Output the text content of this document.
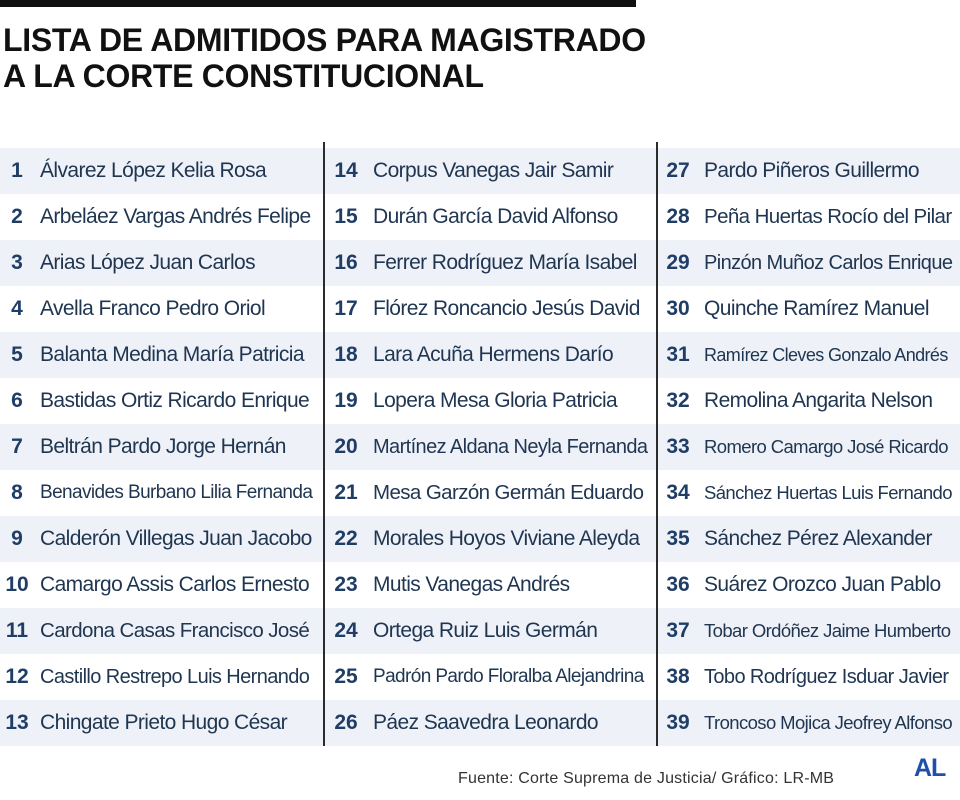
LISTA DE ADMITIDOS PARA MAGISTRADO
A LA CORTE CONSTITUCIONAL
1 Álvarez López Kelia Rosa
2 Arbeláez Vargas Andrés Felipe
3 Arias López Juan Carlos
4 Avella Franco Pedro Oriol
5 Balanta Medina María Patricia
6 Bastidas Ortiz Ricardo Enrique
7 Beltrán Pardo Jorge Hernán
8 Benavides Burbano Lilia Fernanda
9 Calderón Villegas Juan Jacobo
10 Camargo Assis Carlos Ernesto
11 Cardona Casas Francisco José
12 Castillo Restrepo Luis Hernando
13 Chingate Prieto Hugo César
14 Corpus Vanegas Jair Samir
15 Durán García David Alfonso
16 Ferrer Rodríguez María Isabel
17 Flórez Roncancio Jesús David
18 Lara Acuña Hermens Darío
19 Lopera Mesa Gloria Patricia
20 Martínez Aldana Neyla Fernanda
21 Mesa Garzón Germán Eduardo
22 Morales Hoyos Viviane Aleyda
23 Mutis Vanegas Andrés
24 Ortega Ruiz Luis Germán
25 Padrón Pardo Floralba Alejandrina
26 Páez Saavedra Leonardo
27 Pardo Piñeros Guillermo
28 Peña Huertas Rocío del Pilar
29 Pinzón Muñoz Carlos Enrique
30 Quinche Ramírez Manuel
31 Ramírez Cleves Gonzalo Andrés
32 Remolina Angarita Nelson
33 Romero Camargo José Ricardo
34 Sánchez Huertas Luis Fernando
35 Sánchez Pérez Alexander
36 Suárez Orozco Juan Pablo
37 Tobar Ordóñez Jaime Humberto
38 Tobo Rodríguez Isduar Javier
39 Troncoso Mojica Jeofrey Alfonso
Fuente: Corte Suprema de Justicia/ Gráfico: LR-MB	AL
